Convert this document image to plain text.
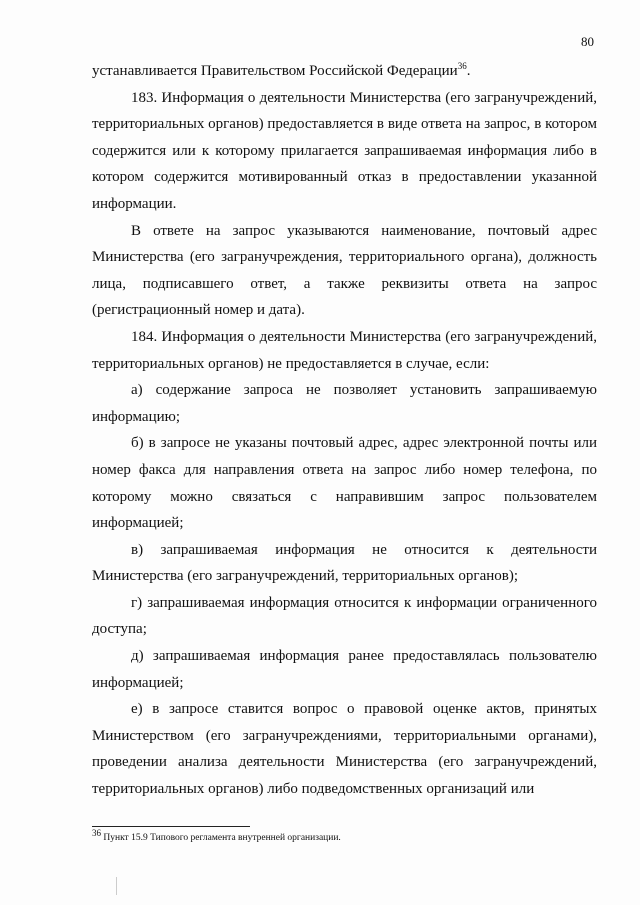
80

устанавливается Правительством Российской Федерации$^{36}$.

183. Информация о деятельности Министерства (его загранучреждений, территориальных органов) предоставляется в виде ответа на запрос, в котором содержится или к которому прилагается запрашиваемая информация либо в котором содержится мотивированный отказ в предоставлении указанной информации.

В ответе на запрос указываются наименование, почтовый адрес Министерства (его загранучреждения, территориального органа), должность лица, подписавшего ответ, а также реквизиты ответа на запрос (регистрационный номер и дата).

184. Информация о деятельности Министерства (его загранучреждений, территориальных органов) не предоставляется в случае, если:

а) содержание запроса не позволяет установить запрашиваемую информацию;

б) в запросе не указаны почтовый адрес, адрес электронной почты или номер факса для направления ответа на запрос либо номер телефона, по которому можно связаться с направившим запрос пользователем информацией;

в) запрашиваемая информация не относится к деятельности Министерства (его загранучреждений, территориальных органов);

г) запрашиваемая информация относится к информации ограниченного доступа;

д) запрашиваемая информация ранее предоставлялась пользователю информацией;

е) в запросе ставится вопрос о правовой оценке актов, принятых Министерством (его загранучреждениями, территориальными органами), проведении анализа деятельности Министерства (его загранучреждений, территориальных органов) либо подведомственных организаций или

$^{36}$ Пункт 15.9 Типового регламента внутренней организации.
